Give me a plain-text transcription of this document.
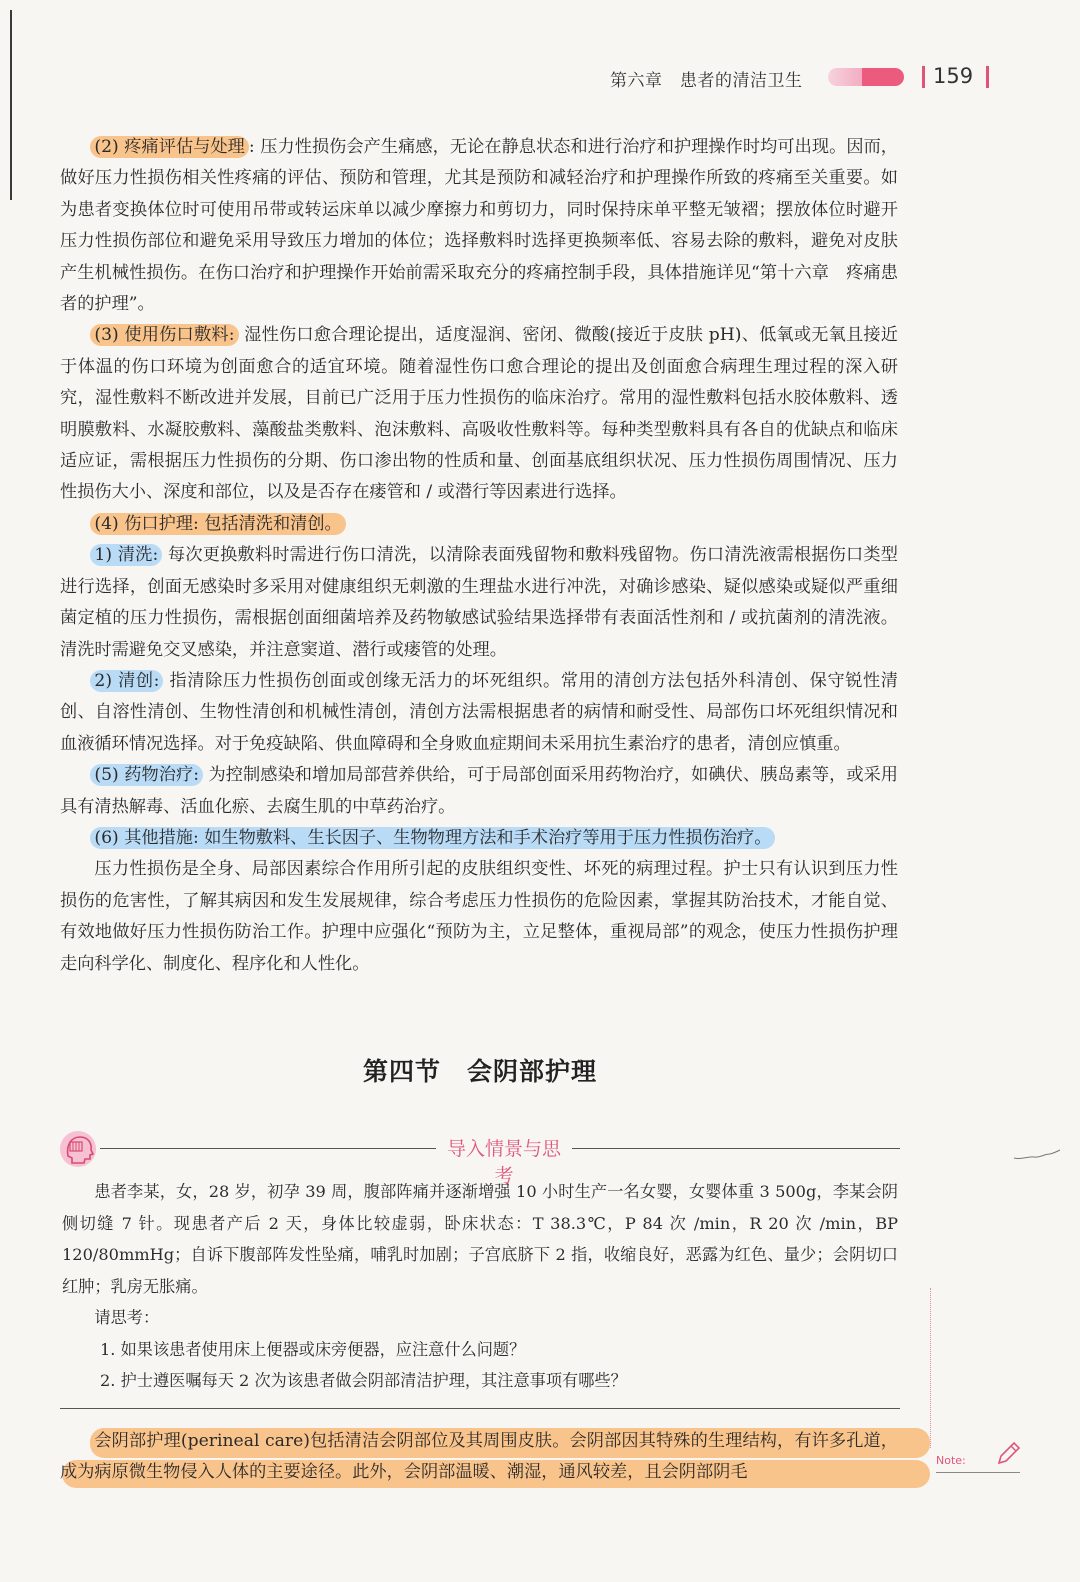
第六章　患者的清洁卫生	159

(2) 疼痛评估与处理 : 压力性损伤会产生痛感，无论在静息状态和进行治疗和护理操作时均可出现。因而，做好压力性损伤相关性疼痛的评估、预防和管理，尤其是预防和减轻治疗和护理操作所致的疼痛至关重要。如为患者变换体位时可使用吊带或转运床单以减少摩擦力和剪切力，同时保持床单平整无皱褶；摆放体位时避开压力性损伤部位和避免采用导致压力增加的体位；选择敷料时选择更换频率低、容易去除的敷料，避免对皮肤产生机械性损伤。在伤口治疗和护理操作开始前需采取充分的疼痛控制手段，具体措施详见“第十六章　疼痛患者的护理”。

(3) 使用伤口敷料: 湿性伤口愈合理论提出，适度湿润、密闭、微酸(接近于皮肤 pH)、低氧或无氧且接近于体温的伤口环境为创面愈合的适宜环境。随着湿性伤口愈合理论的提出及创面愈合病理生理过程的深入研究，湿性敷料不断改进并发展，目前已广泛用于压力性损伤的临床治疗。常用的湿性敷料包括水胶体敷料、透明膜敷料、水凝胶敷料、藻酸盐类敷料、泡沫敷料、高吸收性敷料等。每种类型敷料具有各自的优缺点和临床适应证，需根据压力性损伤的分期、伤口渗出物的性质和量、创面基底组织状况、压力性损伤周围情况、压力性损伤大小、深度和部位，以及是否存在瘘管和 / 或潜行等因素进行选择。

(4) 伤口护理: 包括清洗和清创。

1) 清洗: 每次更换敷料时需进行伤口清洗，以清除表面残留物和敷料残留物。伤口清洗液需根据伤口类型进行选择，创面无感染时多采用对健康组织无刺激的生理盐水进行冲洗，对确诊感染、疑似感染或疑似严重细菌定植的压力性损伤，需根据创面细菌培养及药物敏感试验结果选择带有表面活性剂和 / 或抗菌剂的清洗液。清洗时需避免交叉感染，并注意窦道、潜行或瘘管的处理。

2) 清创: 指清除压力性损伤创面或创缘无活力的坏死组织。常用的清创方法包括外科清创、保守锐性清创、自溶性清创、生物性清创和机械性清创，清创方法需根据患者的病情和耐受性、局部伤口坏死组织情况和血液循环情况选择。对于免疫缺陷、供血障碍和全身败血症期间未采用抗生素治疗的患者，清创应慎重。

(5) 药物治疗: 为控制感染和增加局部营养供给，可于局部创面采用药物治疗，如碘伏、胰岛素等，或采用具有清热解毒、活血化瘀、去腐生肌的中草药治疗。

(6) 其他措施: 如生物敷料、生长因子、生物物理方法和手术治疗等用于压力性损伤治疗。

压力性损伤是全身、局部因素综合作用所引起的皮肤组织变性、坏死的病理过程。护士只有认识到压力性损伤的危害性，了解其病因和发生发展规律，综合考虑压力性损伤的危险因素，掌握其防治技术，才能自觉、有效地做好压力性损伤防治工作。护理中应强化“预防为主，立足整体，重视局部”的观念，使压力性损伤护理走向科学化、制度化、程序化和人性化。

第四节 会阴部护理
导入情景与思考

患者李某，女，28 岁，初孕 39 周，腹部阵痛并逐渐增强 10 小时生产一名女婴，女婴体重 3 500g，李某会阴侧切缝 7 针。现患者产后 2 天，身体比较虚弱，卧床状态：T 38.3℃，P 84 次 /min，R 20 次 /min，BP 120/80mmHg；自诉下腹部阵发性坠痛，哺乳时加剧；子宫底脐下 2 指，收缩良好，恶露为红色、量少；会阴切口红肿；乳房无胀痛。

请思考：

1. 如果该患者使用床上便器或床旁便器，应注意什么问题？

2. 护士遵医嘱每天 2 次为该患者做会阴部清洁护理，其注意事项有哪些？

会阴部护理(perineal care)包括清洁会阴部位及其周围皮肤。会阴部因其特殊的生理结构，有许多孔道，成为病原微生物侵入人体的主要途径。此外，会阴部温暖、潮湿，通风较差，且会阴部阴毛

Note:
